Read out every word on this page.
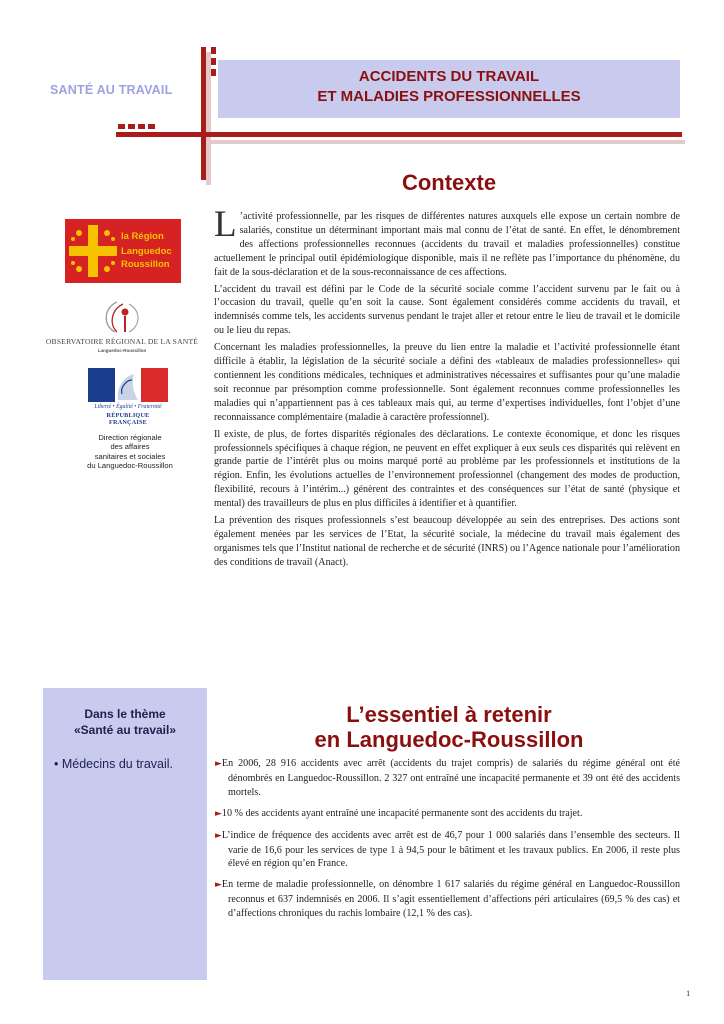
SANTÉ AU TRAVAIL
ACCIDENTS DU TRAVAIL
ET MALADIES PROFESSIONNELLES
la Région
Languedoc
Roussillon
OBSERVATOIRE RÉGIONAL DE LA SANTÉ
Languedoc-Roussillon
Liberté • Égalité • Fraternité
RÉPUBLIQUE FRANÇAISE
Direction régionale
des affaires
sanitaires et sociales
du Languedoc-Roussillon
Contexte

L ’activité professionnelle, par les risques de différentes natures auxquels elle expose un certain nombre de salariés, constitue un déterminant important mais mal connu de l’état de santé. En effet, le dénombrement des affections professionnelles reconnues (accidents du travail et maladies professionnelles) constitue actuellement le principal outil épidémiologique disponible, mais il ne reflète pas l’importance du phénomène, du fait de la sous-déclaration et de la sous-reconnaissance de ces affections.

L’accident du travail est défini par le Code de la sécurité sociale comme l’accident survenu par le fait ou à l’occasion du travail, quelle qu’en soit la cause. Sont également considérés comme accidents du travail, et indemnisés comme tels, les accidents survenus pendant le trajet aller et retour entre le lieu de travail et le domicile ou le lieu du repas.

Concernant les maladies professionnelles, la preuve du lien entre la maladie et l’activité professionnelle étant difficile à établir, la législation de la sécurité sociale a défini des «tableaux de maladies professionnelles» qui contiennent les conditions médicales, techniques et administratives nécessaires et suffisantes pour qu’une maladie soit reconnue par présomption comme professionnelle. Sont également reconnues comme professionnelles les maladies qui n’appartiennent pas à ces tableaux mais qui, au terme d’expertises individuelles, font l’objet d’une reconnaissance complémentaire (maladie à caractère professionnel).

Il existe, de plus, de fortes disparités régionales des déclarations. Le contexte économique, et donc les risques professionnels spécifiques à chaque région, ne peuvent en effet expliquer à eux seuls ces disparités qui relèvent en grande partie de l’intérêt plus ou moins marqué porté au problème par les professionnels et institutions de la région. Enfin, les évolutions actuelles de l’environnement professionnel (changement des modes de production, flexibilité, recours à l’intérim...) génèrent des contraintes et des conséquences sur l’état de santé (physique et mental) des travailleurs de plus en plus difficiles à identifier et à quantifier.

La prévention des risques professionnels s’est beaucoup développée au sein des entreprises. Des actions sont également menées par les services de l’Etat, la sécurité sociale, la médecine du travail mais également des organismes tels que l’Institut national de recherche et de sécurité (INRS) ou l’Agence nationale pour l’amélioration des conditions de travail (Anact).

Dans le thème
«Santé au travail»
• Médecins du travail.
L’essentiel à retenir
en Languedoc-Roussillon
►En 2006, 28 916 accidents avec arrêt (accidents du trajet compris) de salariés du régime général ont été dénombrés en Languedoc-Roussillon. 2 327 ont entraîné une incapacité permanente et 39 ont été des accidents mortels.
►10 % des accidents ayant entraîné une incapacité permanente sont des accidents du trajet.
►L’indice de fréquence des accidents avec arrêt est de 46,7 pour 1 000 salariés dans l’ensemble des secteurs. Il varie de 16,6 pour les services de type 1 à 94,5 pour le bâtiment et les travaux publics. En 2006, il reste plus élevé en région qu’en France.
►En terme de maladie professionnelle, on dénombre 1 617 salariés du régime général en Languedoc-Roussillon reconnus et 637 indemnisés en 2006. Il s’agit essentiellement d’affections péri articulaires (69,5 % des cas) et d’affections chroniques du rachis lombaire (12,1 % des cas).
1
